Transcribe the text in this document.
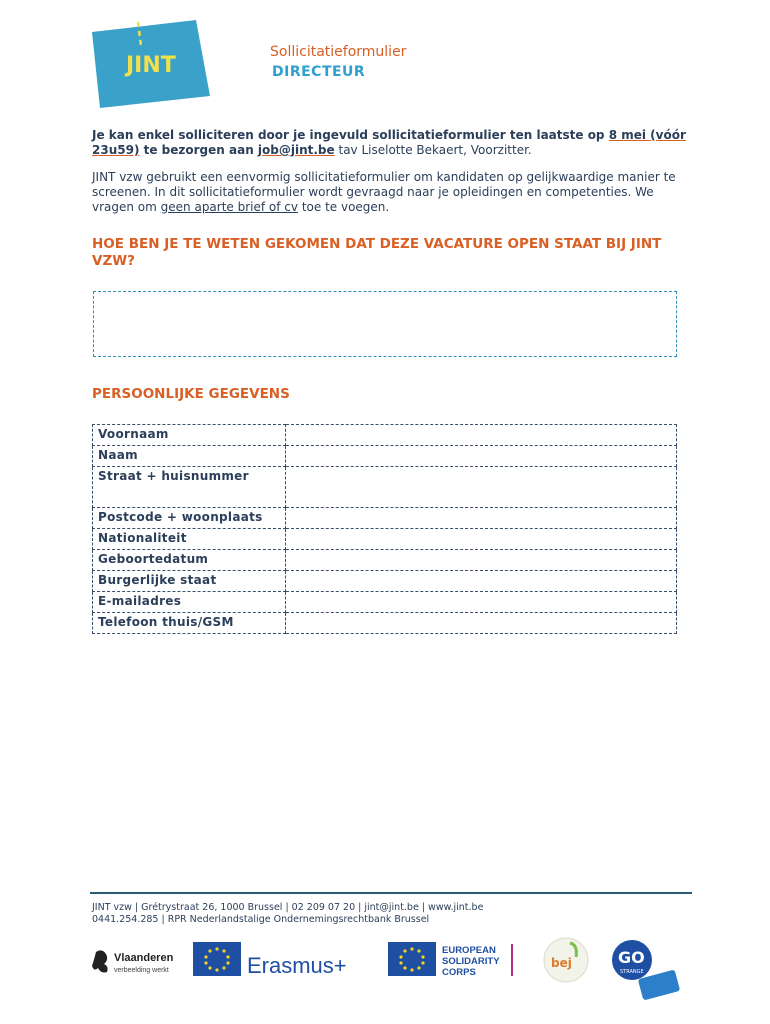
JINT
Sollicitatieformulier
DIRECTEUR
Je kan enkel solliciteren door je ingevuld sollicitatieformulier ten laatste op 8 mei (vóór 23u59) te bezorgen aan job@jint.be tav Liselotte Bekaert, Voorzitter.
JINT vzw gebruikt een eenvormig sollicitatieformulier om kandidaten op gelijkwaardige manier te screenen. In dit sollicitatieformulier wordt gevraagd naar je opleidingen en competenties. We vragen om geen aparte brief of cv toe te voegen.
HOE BEN JE TE WETEN GEKOMEN DAT DEZE VACATURE OPEN STAAT BIJ JINT VZW?
PERSOONLIJKE GEGEVENS
Voornaam	
Naam	
Straat + huisnummer	
Postcode + woonplaats	
Nationaliteit	
Geboortedatum	
Burgerlijke staat	
E-mailadres	
Telefoon thuis/GSM	
JINT vzw | Grétrystraat 26, 1000 Brussel | 02 209 07 20 | jint@jint.be | www.jint.be
0441.254.285 | RPR Nederlandstalige Ondernemingsrechtbank Brussel
Vlaanderen
verbeelding werkt	Erasmus+
EUROPEAN
SOLIDARITY
CORPS
bej	GO
STRANGE
